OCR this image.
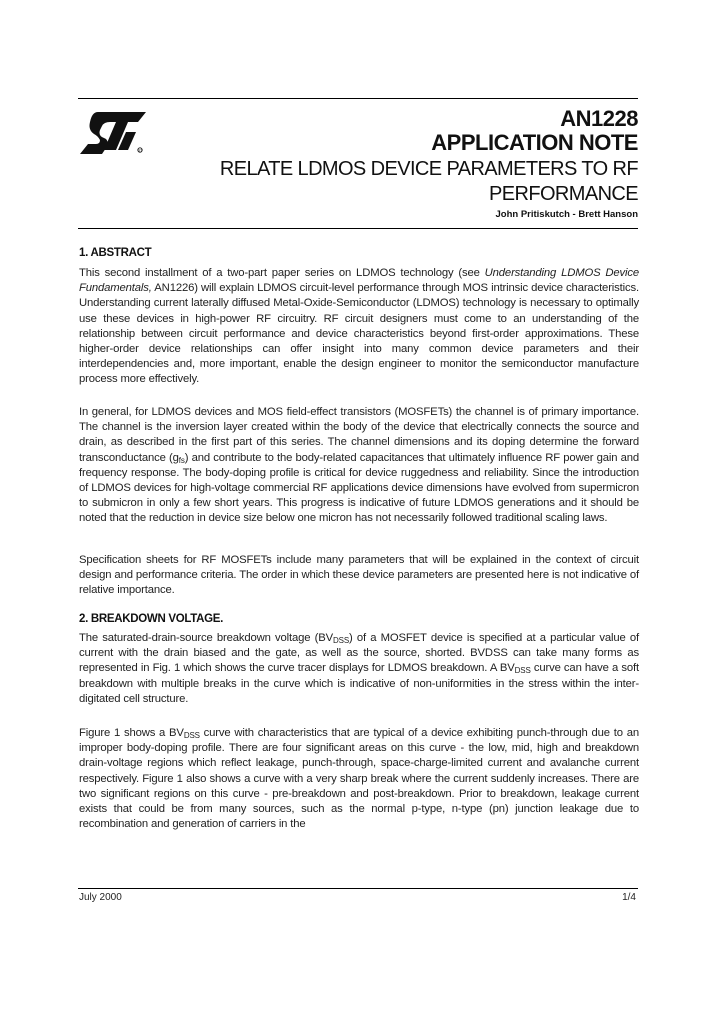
ST
AN1228
APPLICATION NOTE
RELATE LDMOS DEVICE PARAMETERS TO RF
PERFORMANCE
John Pritiskutch - Brett Hanson
1. ABSTRACT
This second installment of a two-part paper series on LDMOS technology (see Understanding LDMOS Device Fundamentals, AN1226) will explain LDMOS circuit-level performance through MOS intrinsic device characteristics. Understanding current laterally diffused Metal-Oxide-Semiconductor (LDMOS) technology is necessary to optimally use these devices in high-power RF circuitry. RF circuit designers must come to an understanding of the relationship between circuit performance and device characteristics beyond first-order approximations. These higher-order device relationships can offer insight into many common device parameters and their interdependencies and, more important, enable the design engineer to monitor the semiconductor manufacture process more effectively.
In general, for LDMOS devices and MOS field-effect transistors (MOSFETs) the channel is of primary importance. The channel is the inversion layer created within the body of the device that electrically connects the source and drain, as described in the first part of this series. The channel dimensions and its doping determine the forward transconductance $(g_{fs})$ and contribute to the body-related capacitances that ultimately influence RF power gain and frequency response. The body-doping profile is critical for device ruggedness and reliability. Since the introduction of LDMOS devices for high-voltage commercial RF applications device dimensions have evolved from supermicron to submicron in only a few short years. This progress is indicative of future LDMOS generations and it should be noted that the reduction in device size below one micron has not necessarily followed traditional scaling laws.
Specification sheets for RF MOSFETs include many parameters that will be explained in the context of circuit design and performance criteria. The order in which these device parameters are presented here is not indicative of relative importance.
2. BREAKDOWN VOLTAGE.
The saturated-drain-source breakdown voltage $(BV_{DSS})$ of a MOSFET device is specified at a particular value of current with the drain biased and the gate, as well as the source, shorted. BVDSS can take many forms as represented in Fig. 1 which shows the curve tracer displays for LDMOS breakdown. A $BV_{DSS}$ curve can have a soft breakdown with multiple breaks in the curve which is indicative of non-uniformities in the stress within the inter-digitated cell structure.
Figure 1 shows a $BV_{DSS}$ curve with characteristics that are typical of a device exhibiting punch-through due to an improper body-doping profile. There are four significant areas on this curve - the low, mid, high and breakdown drain-voltage regions which reflect leakage, punch-through, space-charge-limited current and avalanche current respectively. Figure 1 also shows a curve with a very sharp break where the current suddenly increases. There are two significant regions on this curve - pre-breakdown and post-breakdown. Prior to breakdown, leakage current exists that could be from many sources, such as the normal p-type, n-type (pn) junction leakage due to recombination and generation of carriers in the
July 2000	1/4
